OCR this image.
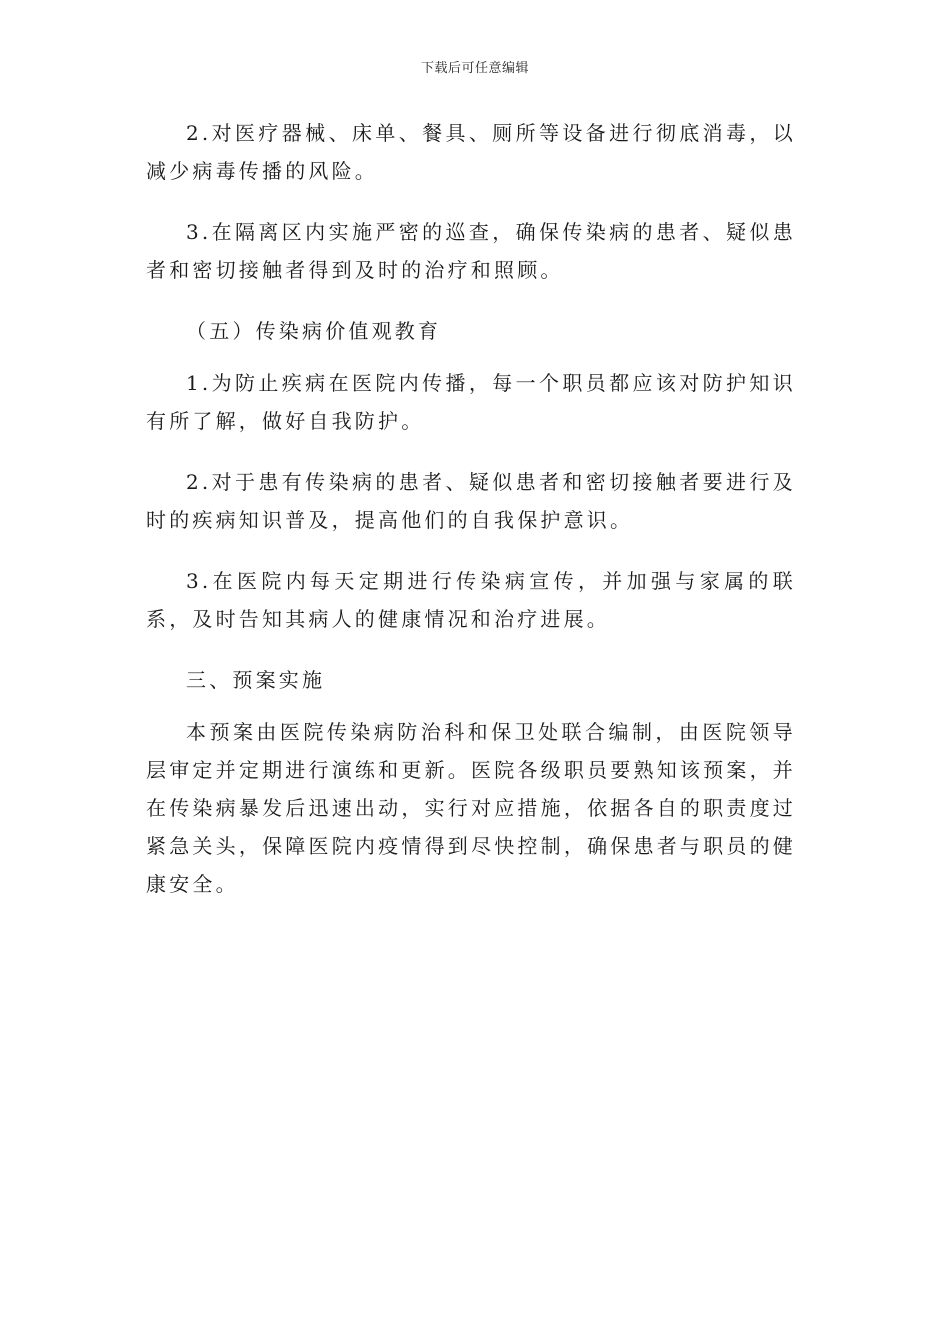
下载后可任意编辑

2.对医疗器械、床单、餐具、厕所等设备进行彻底消毒，以减少病毒传播的风险。

3.在隔离区内实施严密的巡查，确保传染病的患者、疑似患者和密切接触者得到及时的治疗和照顾。

（五）传染病价值观教育

1.为防止疾病在医院内传播，每一个职员都应该对防护知识有所了解，做好自我防护。

2.对于患有传染病的患者、疑似患者和密切接触者要进行及时的疾病知识普及，提高他们的自我保护意识。

3.在医院内每天定期进行传染病宣传，并加强与家属的联系，及时告知其病人的健康情况和治疗进展。

三、预案实施

本预案由医院传染病防治科和保卫处联合编制，由医院领导层审定并定期进行演练和更新。医院各级职员要熟知该预案，并在传染病暴发后迅速出动，实行对应措施，依据各自的职责度过紧急关头，保障医院内疫情得到尽快控制，确保患者与职员的健康安全。
